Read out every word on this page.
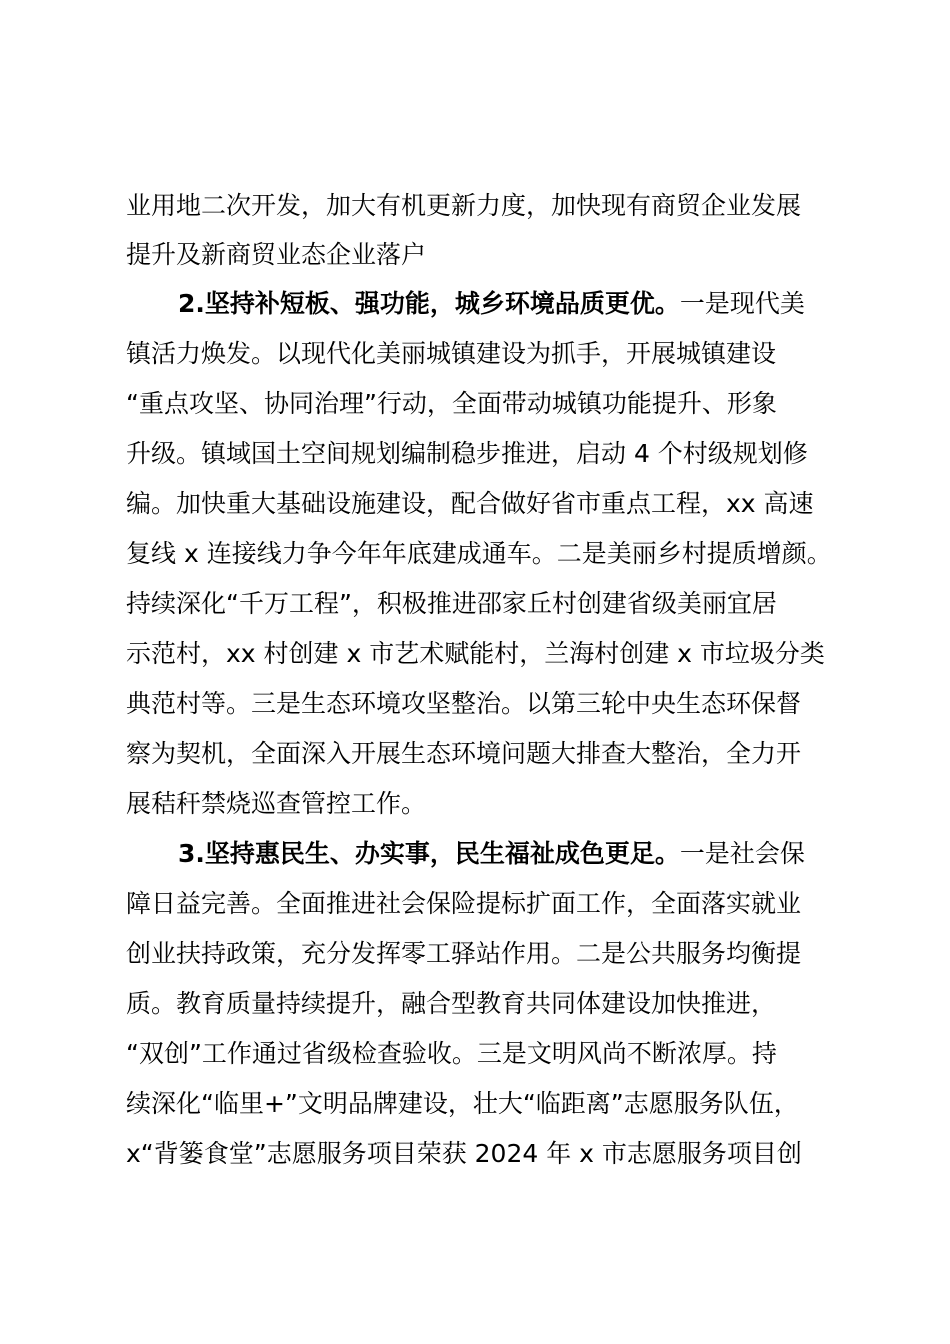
业用地二次开发，加大有机更新力度，加快现有商贸企业发展
提升及新商贸业态企业落户
2.坚持补短板、强功能，城乡环境品质更优。一是现代美
镇活力焕发。以现代化美丽城镇建设为抓手，开展城镇建设
“重点攻坚、协同治理”行动，全面带动城镇功能提升、形象
升级。镇域国土空间规划编制稳步推进，启动 4 个村级规划修
编。加快重大基础设施建设，配合做好省市重点工程，xx 高速
复线 x 连接线力争今年年底建成通车。二是美丽乡村提质增颜。
持续深化“千万工程”，积极推进邵家丘村创建省级美丽宜居
示范村，xx 村创建 x 市艺术赋能村，兰海村创建 x 市垃圾分类
典范村等。三是生态环境攻坚整治。以第三轮中央生态环保督
察为契机，全面深入开展生态环境问题大排查大整治，全力开
展秸秆禁烧巡查管控工作。
3.坚持惠民生、办实事，民生福祉成色更足。一是社会保
障日益完善。全面推进社会保险提标扩面工作，全面落实就业
创业扶持政策，充分发挥零工驿站作用。二是公共服务均衡提
质。教育质量持续提升，融合型教育共同体建设加快推进，
“双创”工作通过省级检查验收。三是文明风尚不断浓厚。持
续深化“临里+”文明品牌建设，壮大“临距离”志愿服务队伍，
x“背篓食堂”志愿服务项目荣获 2024 年 x 市志愿服务项目创
